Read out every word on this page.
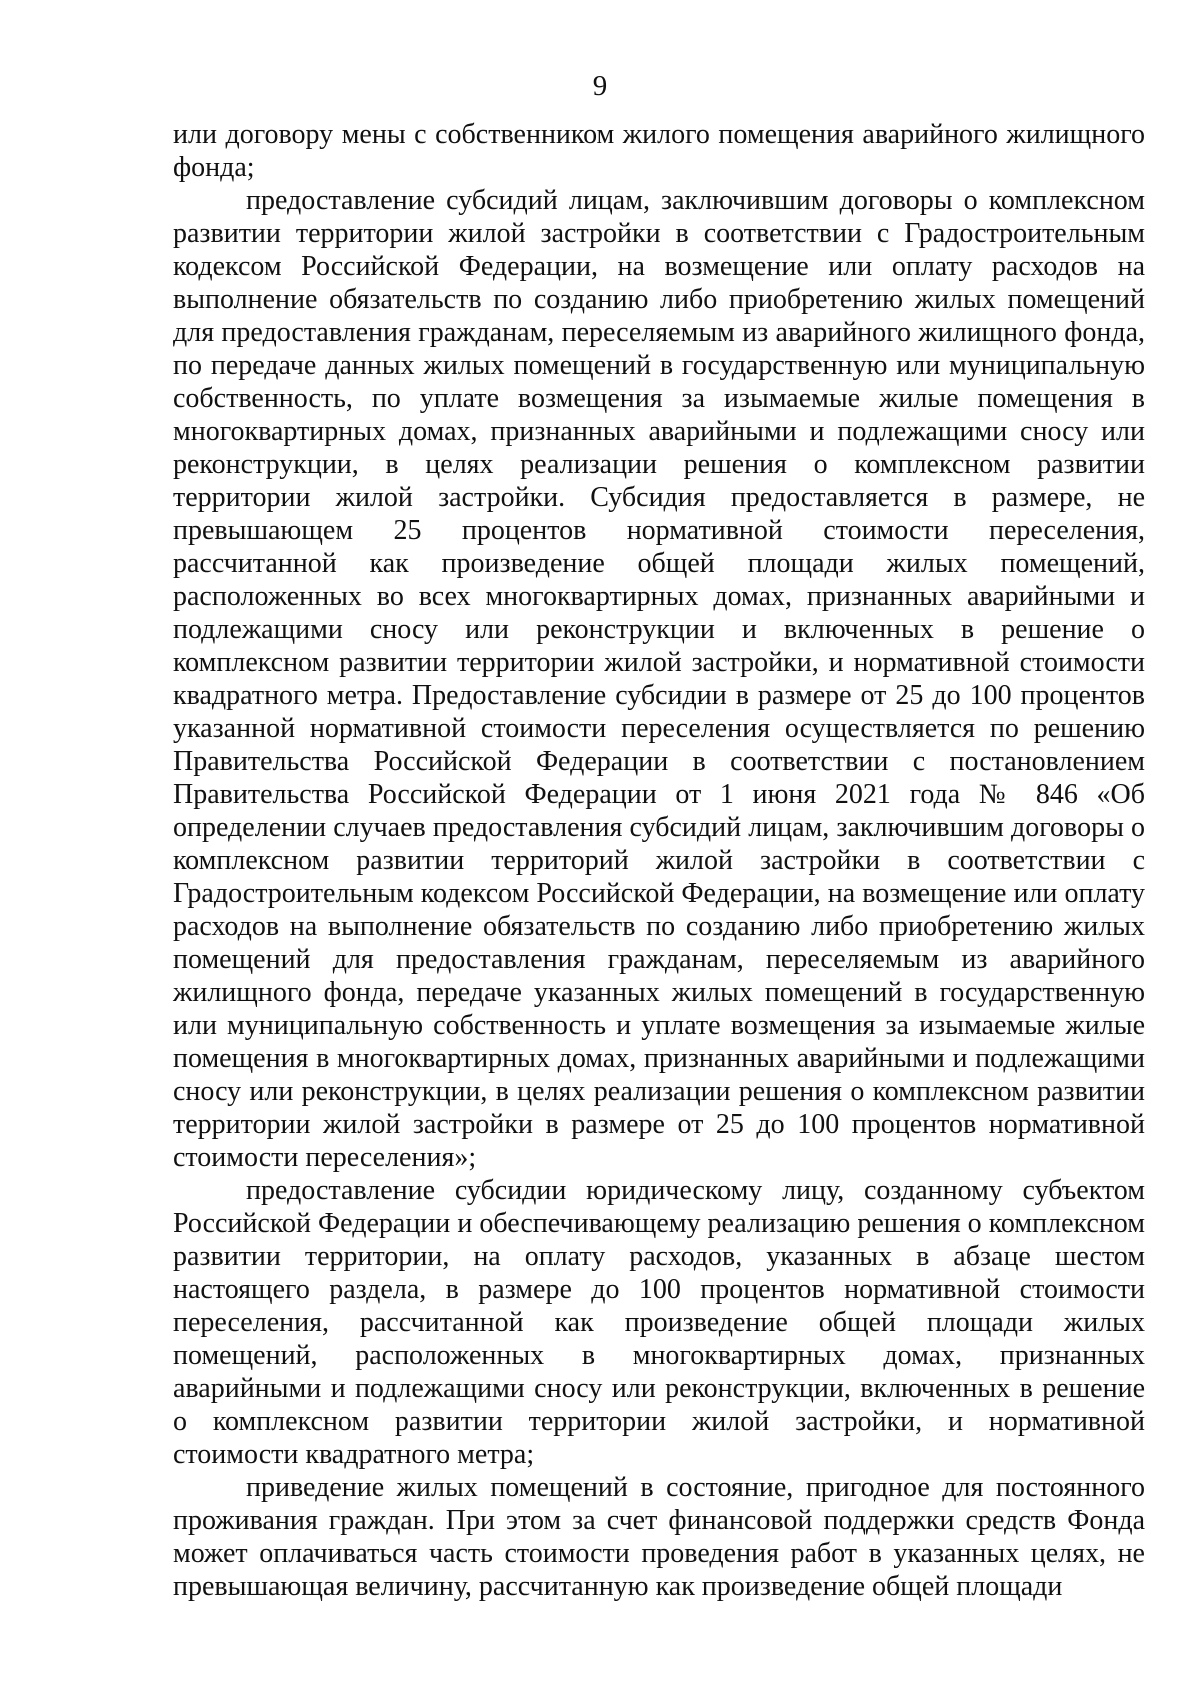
9

или договору мены с собственником жилого помещения аварийного жилищного фонда;

предоставление субсидий лицам, заключившим договоры о комплексном развитии территории жилой застройки в соответствии с Градостроительным кодексом Российской Федерации, на возмещение или оплату расходов на выполнение обязательств по созданию либо приобретению жилых помещений для предоставления гражданам, переселяемым из аварийного жилищного фонда, по передаче данных жилых помещений в государственную или муниципальную собственность, по уплате возмещения за изымаемые жилые помещения в многоквартирных домах, признанных аварийными и подлежащими сносу или реконструкции, в целях реализации решения о комплексном развитии территории жилой застройки. Субсидия предоставляется в размере, не превышающем 25 процентов нормативной стоимости переселения, рассчитанной как произведение общей площади жилых помещений, расположенных во всех многоквартирных домах, признанных аварийными и подлежащими сносу или реконструкции и включенных в решение о комплексном развитии территории жилой застройки, и нормативной стоимости квадратного метра. Предоставление субсидии в размере от 25 до 100 процентов указанной нормативной стоимости переселения осуществляется по решению Правительства Российской Федерации в соответствии с постановлением Правительства Российской Федерации от 1 июня 2021 года № 846 «Об определении случаев предоставления субсидий лицам, заключившим договоры о комплексном развитии территорий жилой застройки в соответствии с Градостроительным кодексом Российской Федерации, на возмещение или оплату расходов на выполнение обязательств по созданию либо приобретению жилых помещений для предоставления гражданам, переселяемым из аварийного жилищного фонда, передаче указанных жилых помещений в государственную или муниципальную собственность и уплате возмещения за изымаемые жилые помещения в многоквартирных домах, признанных аварийными и подлежащими сносу или реконструкции, в целях реализации решения о комплексном развитии территории жилой застройки в размере от 25 до 100 процентов нормативной стоимости переселения»;

предоставление субсидии юридическому лицу, созданному субъектом Российской Федерации и обеспечивающему реализацию решения о комплексном развитии территории, на оплату расходов, указанных в абзаце шестом настоящего раздела, в размере до 100 процентов нормативной стоимости переселения, рассчитанной как произведение общей площади жилых помещений, расположенных в многоквартирных домах, признанных аварийными и подлежащими сносу или реконструкции, включенных в решение о комплексном развитии территории жилой застройки, и нормативной стоимости квадратного метра;

приведение жилых помещений в состояние, пригодное для постоянного проживания граждан. При этом за счет финансовой поддержки средств Фонда может оплачиваться часть стоимости проведения работ в указанных целях, не превышающая величину, рассчитанную как произведение общей площади
